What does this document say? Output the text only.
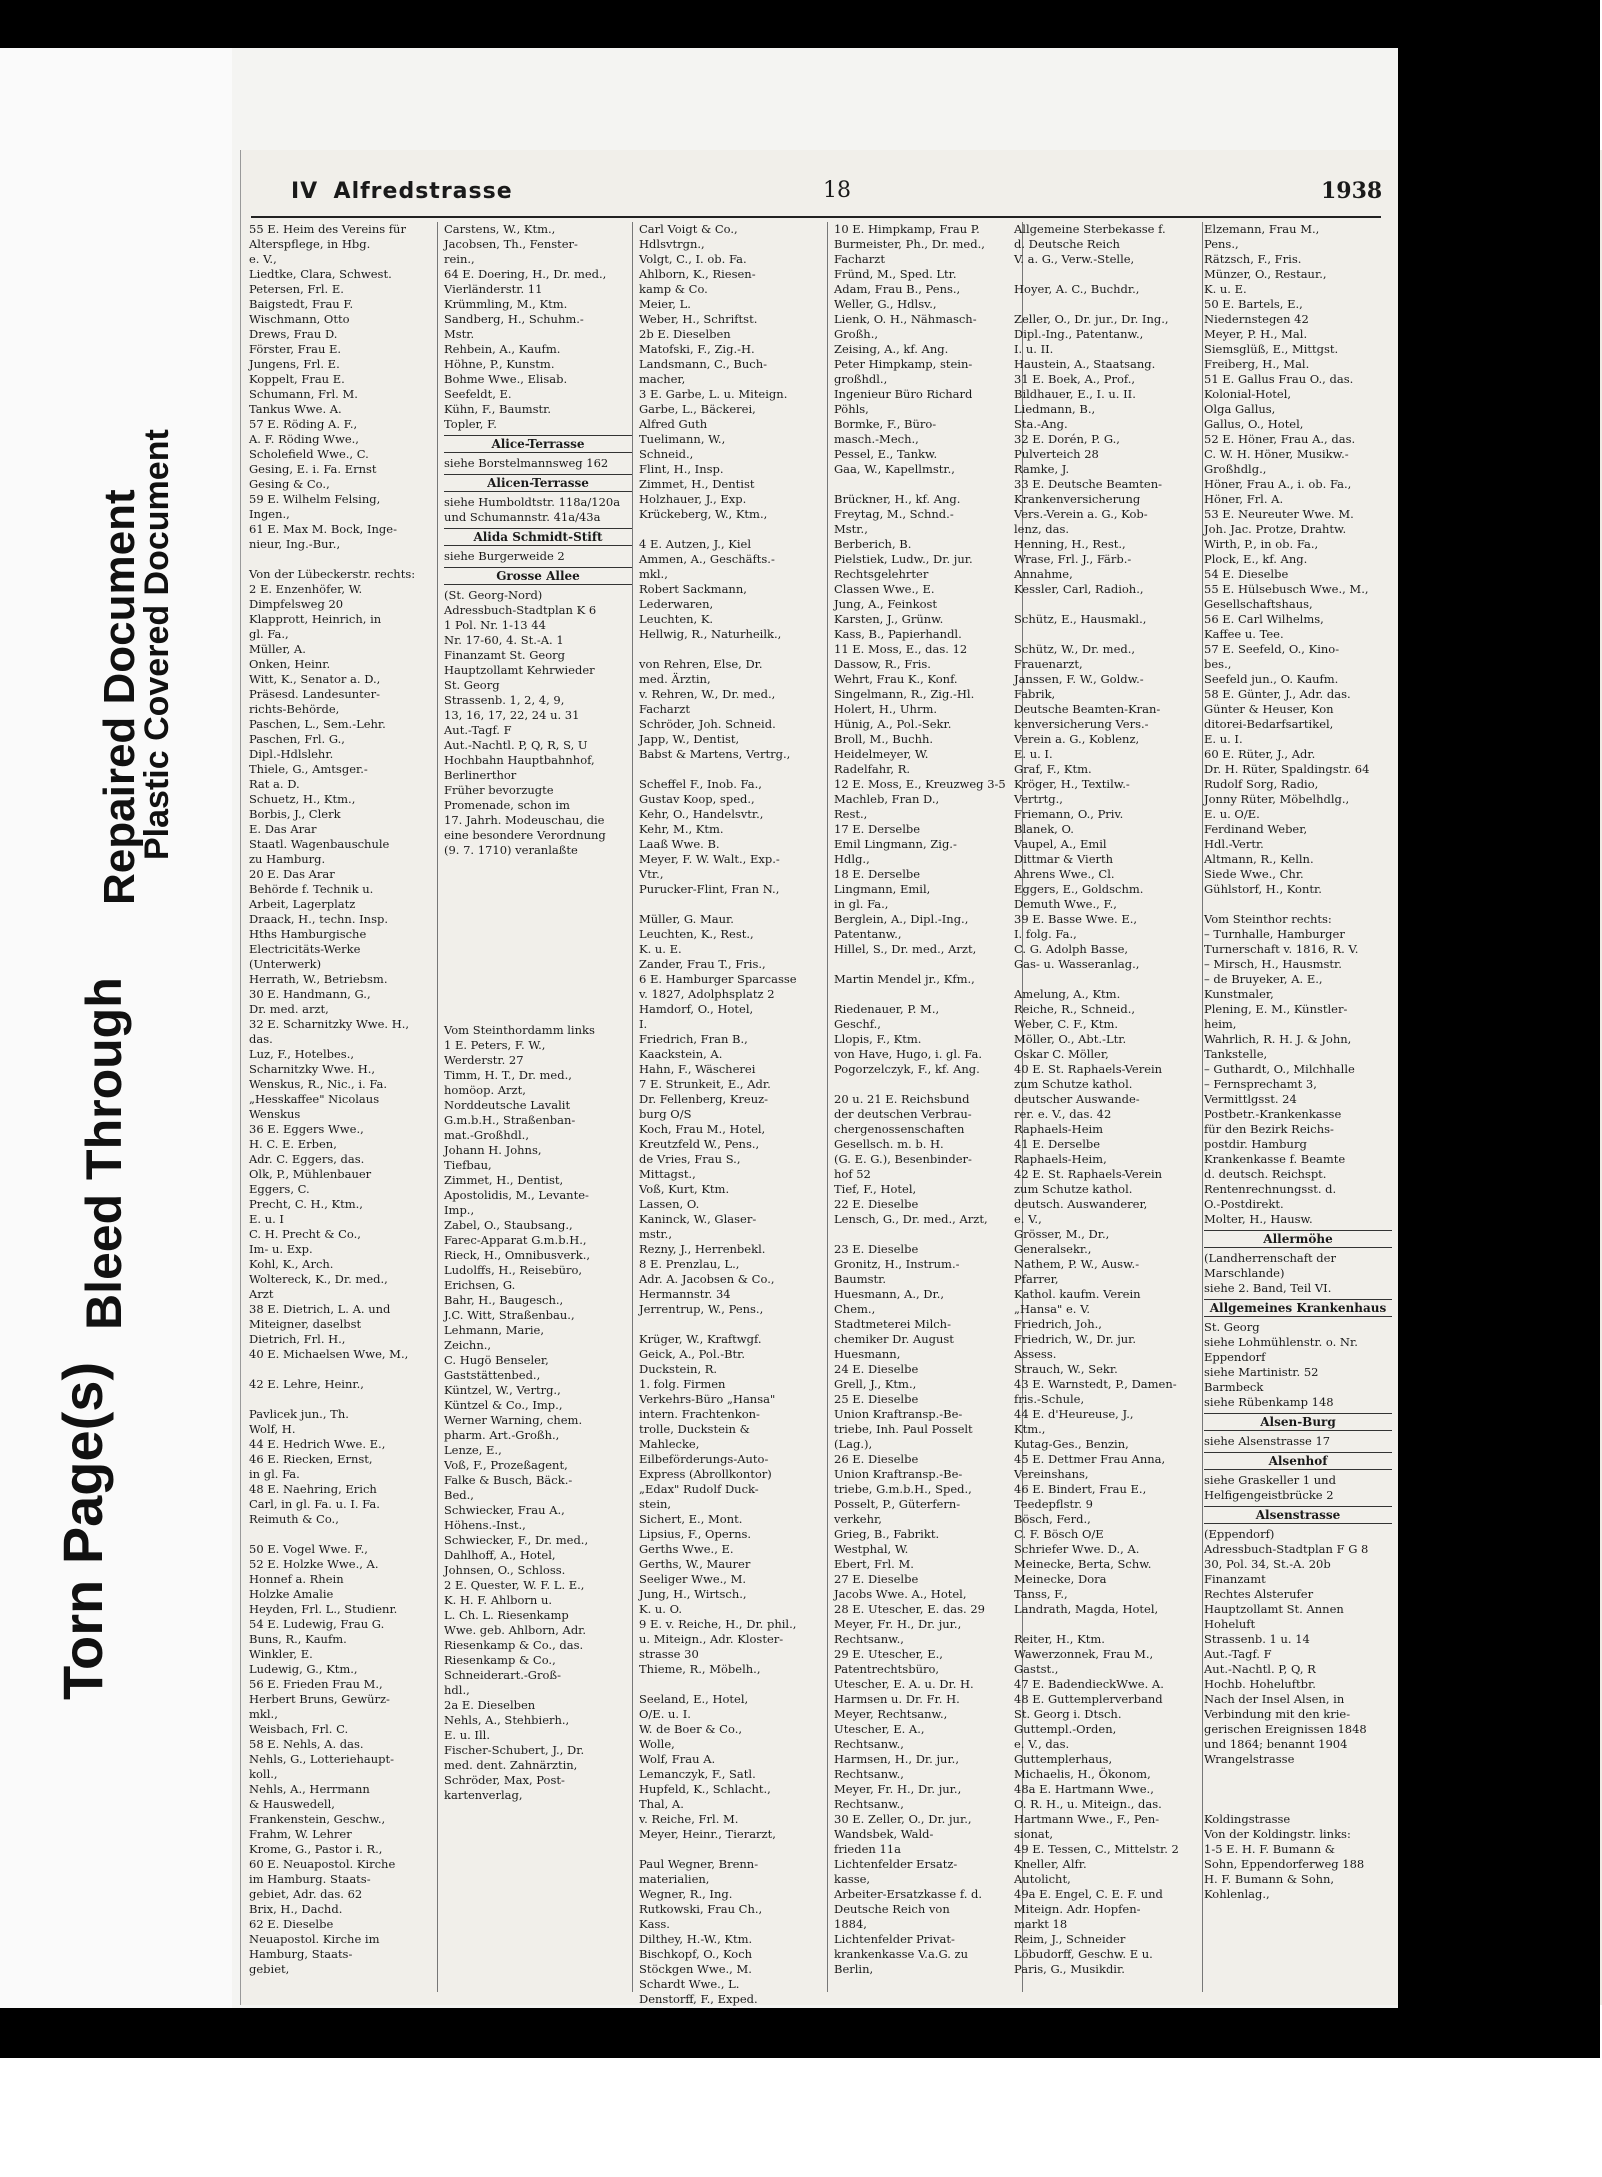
Torn Page(s)
Bleed Through
Repaired Document
Plastic Covered Document
IV Alfredstrasse	18	1938
55 E. Heim des Vereins für
Alterspflege, in Hbg.
e. V.,
Liedtke, Clara, Schwest.
Petersen, Frl. E.
Baigstedt, Frau F.
Wischmann, Otto
Drews, Frau D.
Förster, Frau E.
Jungens, Frl. E.
Koppelt, Frau E.
Schumann, Frl. M.
Tankus Wwe. A.
57 E. Röding A. F.,
A. F. Röding Wwe.,
Scholefield Wwe., C.
Gesing, E. i. Fa. Ernst
Gesing & Co.,
59 E. Wilhelm Felsing,
Ingen.,
61 E. Max M. Bock, Inge-
nieur, Ing.-Bur.,

Von der Lübeckerstr. rechts:
2 E. Enzenhöfer, W.
Dimpfelsweg 20
Klapprott, Heinrich, in
gl. Fa.,
Müller, A.
Onken, Heinr.
Witt, K., Senator a. D.,
Präsesd. Landesunter-
richts-Behörde,
Paschen, L., Sem.-Lehr.
Paschen, Frl. G.,
Dipl.-Hdlslehr.
Thiele, G., Amtsger.-
Rat a. D.
Schuetz, H., Ktm.,
Borbis, J., Clerk
E. Das Arar
Staatl. Wagenbauschule
zu Hamburg.
20 E. Das Arar
Behörde f. Technik u.
Arbeit, Lagerplatz
Draack, H., techn. Insp.
Hths Hamburgische
Electricitäts-Werke
(Unterwerk)
Herrath, W., Betriebsm.
30 E. Handmann, G.,
Dr. med. arzt,
32 E. Scharnitzky Wwe. H.,
das.
Luz, F., Hotelbes.,
Scharnitzky Wwe. H.,
Wenskus, R., Nic., i. Fa.
„Hesskaffee" Nicolaus
Wenskus
36 E. Eggers Wwe.,
H. C. E. Erben,
Adr. C. Eggers, das.
Olk, P., Mühlenbauer
Eggers, C.
Precht, C. H., Ktm.,
E. u. I
C. H. Precht & Co.,
Im- u. Exp.
Kohl, K., Arch.
Woltereck, K., Dr. med.,
Arzt
38 E. Dietrich, L. A. und
Miteigner, daselbst
Dietrich, Frl. H.,
40 E. Michaelsen Wwe, M.,

42 E. Lehre, Heinr.,

Pavlicek jun., Th.
Wolf, H.
44 E. Hedrich Wwe. E.,
46 E. Riecken, Ernst,
in gl. Fa.
48 E. Naehring, Erich
Carl, in gl. Fa. u. I. Fa.
Reimuth & Co.,

50 E. Vogel Wwe. F.,
52 E. Holzke Wwe., A.
Honnef a. Rhein
Holzke Amalie
Heyden, Frl. L., Studienr.
54 E. Ludewig, Frau G.
Buns, R., Kaufm.
Winkler, E.
Ludewig, G., Ktm.,
56 E. Frieden Frau M.,
Herbert Bruns, Gewürz-
mkl.,
Weisbach, Frl. C.
58 E. Nehls, A. das.
Nehls, G., Lotteriehaupt-
koll.,
Nehls, A., Herrmann
& Hauswedell,
Frankenstein, Geschw.,
Frahm, W. Lehrer
Krome, G., Pastor i. R.,
60 E. Neuapostol. Kirche
im Hamburg. Staats-
gebiet, Adr. das. 62
Brix, H., Dachd.
62 E. Dieselbe
Neuapostol. Kirche im
Hamburg, Staats-
gebiet,
Carstens, W., Ktm.,
Jacobsen, Th., Fenster-
rein.,
64 E. Doering, H., Dr. med.,
Vierländerstr. 11
Krümmling, M., Ktm.
Sandberg, H., Schuhm.-
Mstr.
Rehbein, A., Kaufm.
Höhne, P., Kunstm.
Bohme Wwe., Elisab.
Seefeldt, E.
Kühn, F., Baumstr.
Topler, F.
Alice-Terrasse
siehe Borstelmannsweg 162
Alicen-Terrasse
siehe Humboldtstr. 118a/120a
und Schumannstr. 41a/43a
Alida Schmidt-Stift
siehe Burgerweide 2
Grosse Allee
(St. Georg-Nord)
Adressbuch-Stadtplan K 6
1 Pol. Nr. 1-13 44
Nr. 17-60, 4. St.-A. 1
Finanzamt St. Georg
Hauptzollamt Kehrwieder
St. Georg
Strassenb. 1, 2, 4, 9,
13, 16, 17, 22, 24 u. 31
Aut.-Tagf. F
Aut.-Nachtl. P, Q, R, S, U
Hochbahn Hauptbahnhof,
Berlinerthor
Früher bevorzugte
Promenade, schon im
17. Jahrh. Modeuschau, die
eine besondere Verordnung
(9. 7. 1710) veranlaßte

Vom Steinthordamm links
1 E. Peters, F. W.,
Werderstr. 27
Timm, H. T., Dr. med.,
homöop. Arzt,
Norddeutsche Lavalit
G.m.b.H., Straßenban-
mat.-Großhdl.,
Johann H. Johns,
Tiefbau,
Zimmet, H., Dentist,
Apostolidis, M., Levante-
Imp.,
Zabel, O., Staubsang.,
Farec-Apparat G.m.b.H.,
Rieck, H., Omnibusverk.,
Ludolffs, H., Reisebüro,
Erichsen, G.
Bahr, H., Baugesch.,
J.C. Witt, Straßenbau.,
Lehmann, Marie,
Zeichn.,
C. Hugö Benseler,
Gaststättenbed.,
Küntzel, W., Vertrg.,
Küntzel & Co., Imp.,
Werner Warning, chem.
pharm. Art.-Großh.,
Lenze, E.,
Voß, F., Prozeßagent,
Falke & Busch, Bäck.-
Bed.,
Schwiecker, Frau A.,
Höhens.-Inst.,
Schwiecker, F., Dr. med.,
Dahlhoff, A., Hotel,
Johnsen, O., Schloss.
2 E. Quester, W. F. L. E.,
K. H. F. Ahlborn u.
L. Ch. L. Riesenkamp
Wwe. geb. Ahlborn, Adr.
Riesenkamp & Co., das.
Riesenkamp & Co.,
Schneiderart.-Groß-
hdl.,
2a E. Dieselben
Nehls, A., Stehbierh.,
E. u. Ill.
Fischer-Schubert, J., Dr.
med. dent. Zahnärztin,
Schröder, Max, Post-
kartenverlag,
Carl Voigt & Co.,
Hdlsvtrgn.,
Volgt, C., I. ob. Fa.
Ahlborn, K., Riesen-
kamp & Co.
Meier, L.
Weber, H., Schriftst.
2b E. Dieselben
Matofski, F., Zig.-H.
Landsmann, C., Buch-
macher,
3 E. Garbe, L. u. Miteign.
Garbe, L., Bäckerei,
Alfred Guth
Tuelimann, W.,
Schneid.,
Flint, H., Insp.
Zimmet, H., Dentist
Holzhauer, J., Exp.
Krückeberg, W., Ktm.,

4 E. Autzen, J., Kiel
Ammen, A., Geschäfts.-
mkl.,
Robert Sackmann,
Lederwaren,
Leuchten, K.
Hellwig, R., Naturheilk.,

von Rehren, Else, Dr.
med. Ärztin,
v. Rehren, W., Dr. med.,
Facharzt
Schröder, Joh. Schneid.
Japp, W., Dentist,
Babst & Martens, Vertrg.,

Scheffel F., Inob. Fa.,
Gustav Koop, sped.,
Kehr, O., Handelsvtr.,
Kehr, M., Ktm.
Laaß Wwe. B.
Meyer, F. W. Walt., Exp.-
Vtr.,
Purucker-Flint, Fran N.,

Müller, G. Maur.
Leuchten, K., Rest.,
K. u. E.
Zander, Frau T., Fris.,
6 E. Hamburger Sparcasse
v. 1827, Adolphsplatz 2
Hamdorf, O., Hotel,
I.
Friedrich, Fran B.,
Kaackstein, A.
Hahn, F., Wäscherei
7 E. Strunkeit, E., Adr.
Dr. Fellenberg, Kreuz-
burg O/S
Koch, Frau M., Hotel,
Kreutzfeld W., Pens.,
de Vries, Frau S.,
Mittagst.,
Voß, Kurt, Ktm.
Lassen, O.
Kaninck, W., Glaser-
mstr.,
Rezny, J., Herrenbekl.
8 E. Prenzlau, L.,
Adr. A. Jacobsen & Co.,
Hermannstr. 34
Jerrentrup, W., Pens.,

Krüger, W., Kraftwgf.
Geick, A., Pol.-Btr.
Duckstein, R.
1. folg. Firmen
Verkehrs-Büro „Hansa"
intern. Frachtenkon-
trolle, Duckstein &
Mahlecke,
Eilbeförderungs-Auto-
Express (Abrollkontor)
„Edax" Rudolf Duck-
stein,
Sichert, E., Mont.
Lipsius, F., Operns.
Gerths Wwe., E.
Gerths, W., Maurer
Seeliger Wwe., M.
Jung, H., Wirtsch.,
K. u. O.
9 E. v. Reiche, H., Dr. phil.,
u. Miteign., Adr. Kloster-
strasse 30
Thieme, R., Möbelh.,

Seeland, E., Hotel,
O/E. u. I.
W. de Boer & Co.,
Wolle,
Wolf, Frau A.
Lemanczyk, F., Satl.
Hupfeld, K., Schlacht.,
Thal, A.
v. Reiche, Frl. M.
Meyer, Heinr., Tierarzt,

Paul Wegner, Brenn-
materialien,
Wegner, R., Ing.
Rutkowski, Frau Ch.,
Kass.
Dilthey, H.-W., Ktm.
Bischkopf, O., Koch
Stöckgen Wwe., M.
Schardt Wwe., L.
Denstorff, F., Exped.
10 E. Himpkamp, Frau P.
Burmeister, Ph., Dr. med.,
Facharzt
Fründ, M., Sped. Ltr.
Adam, Frau B., Pens.,
Weller, G., Hdlsv.,
Lienk, O. H., Nähmasch-
Großh.,
Zeising, A., kf. Ang.
Peter Himpkamp, stein-
großhdl.,
Ingenieur Büro Richard
Pöhls,
Bormke, F., Büro-
masch.-Mech.,
Pessel, E., Tankw.
Gaa, W., Kapellmstr.,

Brückner, H., kf. Ang.
Freytag, M., Schnd.-
Mstr.,
Berberich, B.
Pielstiek, Ludw., Dr. jur.
Rechtsgelehrter
Classen Wwe., E.
Jung, A., Feinkost
Karsten, J., Grünw.
Kass, B., Papierhandl.
11 E. Moss, E., das. 12
Dassow, R., Fris.
Wehrt, Frau K., Konf.
Singelmann, R., Zig.-Hl.
Holert, H., Uhrm.
Hünig, A., Pol.-Sekr.
Broll, M., Buchh.
Heidelmeyer, W.
Radelfahr, R.
12 E. Moss, E., Kreuzweg 3-5
Machleb, Fran D.,
Rest.,
17 E. Derselbe
Emil Lingmann, Zig.-
Hdlg.,
18 E. Derselbe
Lingmann, Emil,
in gl. Fa.,
Berglein, A., Dipl.-Ing.,
Patentanw.,
Hillel, S., Dr. med., Arzt,

Martin Mendel jr., Kfm.,

Riedenauer, P. M.,
Geschf.,
Llopis, F., Ktm.
von Have, Hugo, i. gl. Fa.
Pogorzelczyk, F., kf. Ang.

20 u. 21 E. Reichsbund
der deutschen Verbrau-
chergenossenschaften
Gesellsch. m. b. H.
(G. E. G.), Besenbinder-
hof 52
Tief, F., Hotel,
22 E. Dieselbe
Lensch, G., Dr. med., Arzt,

23 E. Dieselbe
Gronitz, H., Instrum.-
Baumstr.
Huesmann, A., Dr.,
Chem.,
Stadtmeterei Milch-
chemiker Dr. August
Huesmann,
24 E. Dieselbe
Grell, J., Ktm.,
25 E. Dieselbe
Union Kraftransp.-Be-
triebe, Inh. Paul Posselt
(Lag.),
26 E. Dieselbe
Union Kraftransp.-Be-
triebe, G.m.b.H., Sped.,
Posselt, P., Güterfern-
verkehr,
Grieg, B., Fabrikt.
Westphal, W.
Ebert, Frl. M.
27 E. Dieselbe
Jacobs Wwe. A., Hotel,
28 E. Utescher, E. das. 29
Meyer, Fr. H., Dr. jur.,
Rechtsanw.,
29 E. Utescher, E.,
Patentrechtsbüro,
Utescher, E. A. u. Dr. H.
Harmsen u. Dr. Fr. H.
Meyer, Rechtsanw.,
Utescher, E. A.,
Rechtsanw.,
Harmsen, H., Dr. jur.,
Rechtsanw.,
Meyer, Fr. H., Dr. jur.,
Rechtsanw.,
30 E. Zeller, O., Dr. jur.,
Wandsbek, Wald-
frieden 11a
Lichtenfelder Ersatz-
kasse,
Arbeiter-Ersatzkasse f. d.
Deutsche Reich von
1884,
Lichtenfelder Privat-
krankenkasse V.a.G. zu
Berlin,
Allgemeine Sterbekasse f.
d. Deutsche Reich
V. a. G., Verw.-Stelle,

Hoyer, A. C., Buchdr.,

Zeller, O., Dr. jur., Dr. Ing.,
Dipl.-Ing., Patentanw.,
I. u. II.
Haustein, A., Staatsang.
31 E. Boek, A., Prof.,
Bildhauer, E., I. u. II.
Liedmann, B.,
Sta.-Ang.
32 E. Dorén, P. G.,
Pulverteich 28
Ramke, J.
33 E. Deutsche Beamten-
Krankenversicherung
Vers.-Verein a. G., Kob-
lenz, das.
Henning, H., Rest.,
Wrase, Frl. J., Färb.-
Annahme,
Kessler, Carl, Radioh.,

Schütz, E., Hausmakl.,

Schütz, W., Dr. med.,
Frauenarzt,
Janssen, F. W., Goldw.-
Fabrik,
Deutsche Beamten-Kran-
kenversicherung Vers.-
Verein a. G., Koblenz,
E. u. I.
Graf, F., Ktm.
Kröger, H., Textilw.-
Vertrtg.,
Friemann, O., Priv.
Blanek, O.
Vaupel, A., Emil
Dittmar & Vierth
Ahrens Wwe., Cl.
Eggers, E., Goldschm.
Demuth Wwe., F.,
39 E. Basse Wwe. E.,
I. folg. Fa.,
C. G. Adolph Basse,
Gas- u. Wasseranlag.,

Amelung, A., Ktm.
Reiche, R., Schneid.,
Weber, C. F., Ktm.
Möller, O., Abt.-Ltr.
Oskar C. Möller,
40 E. St. Raphaels-Verein
zum Schutze kathol.
deutscher Auswande-
rer. e. V., das. 42
Raphaels-Heim
41 E. Derselbe
Raphaels-Heim,
42 E. St. Raphaels-Verein
zum Schutze kathol.
deutsch. Auswanderer,
e. V.,
Grösser, M., Dr.,
Generalsekr.,
Nathem, P. W., Ausw.-
Pfarrer,
Kathol. kaufm. Verein
„Hansa" e. V.
Friedrich, Joh.,
Friedrich, W., Dr. jur.
Assess.
Strauch, W., Sekr.
43 E. Warnstedt, P., Damen-
fris.-Schule,
44 E. d'Heureuse, J.,
Ktm.,
Kutag-Ges., Benzin,
45 E. Dettmer Frau Anna,
Vereinshans,
46 E. Bindert, Frau E.,
Teedepflstr. 9
Bösch, Ferd.,
C. F. Bösch O/E
Schriefer Wwe. D., A.
Meinecke, Berta, Schw.
Meinecke, Dora
Tanss, F.,
Landrath, Magda, Hotel,

Reiter, H., Ktm.
Wawerzonnek, Frau M.,
Gastst.,
47 E. BadendieckWwe. A.
48 E. Guttemplerverband
St. Georg i. Dtsch.
Guttempl.-Orden,
e. V., das.
Guttemplerhaus,
Michaelis, H., Ökonom,
48a E. Hartmann Wwe.,
O. R. H., u. Miteign., das.
Hartmann Wwe., F., Pen-
sionat,
49 E. Tessen, C., Mittelstr. 2
Kneller, Alfr.
Autolicht,
49a E. Engel, C. E. F. und
Miteign. Adr. Hopfen-
markt 18
Reim, J., Schneider
Löbudorff, Geschw. E u.
Paris, G., Musikdir.
Elzemann, Frau M.,
Pens.,
Rätzsch, F., Fris.
Münzer, O., Restaur.,
K. u. E.
50 E. Bartels, E.,
Niedernstegen 42
Meyer, P. H., Mal.
Siemsglüß, E., Mittgst.
Freiberg, H., Mal.
51 E. Gallus Frau O., das.
Kolonial-Hotel,
Olga Gallus,
Gallus, O., Hotel,
52 E. Höner, Frau A., das.
C. W. H. Höner, Musikw.-
Großhdlg.,
Höner, Frau A., i. ob. Fa.,
Höner, Frl. A.
53 E. Neureuter Wwe. M.
Joh. Jac. Protze, Drahtw.
Wirth, P., in ob. Fa.,
Plock, E., kf. Ang.
54 E. Dieselbe
55 E. Hülsebusch Wwe., M.,
Gesellschaftshaus,
56 E. Carl Wilhelms,
Kaffee u. Tee.
57 E. Seefeld, O., Kino-
bes.,
Seefeld jun., O. Kaufm.
58 E. Günter, J., Adr. das.
Günter & Heuser, Kon
ditorei-Bedarfsartikel,
E. u. I.
60 E. Rüter, J., Adr.
Dr. H. Rüter, Spaldingstr. 64
Rudolf Sorg, Radio,
Jonny Rüter, Möbelhdlg.,
E. u. O/E.
Ferdinand Weber,
Hdl.-Vertr.
Altmann, R., Kelln.
Siede Wwe., Chr.
Gühlstorf, H., Kontr.

Vom Steinthor rechts:
– Turnhalle, Hamburger
Turnerschaft v. 1816, R. V.
– Mirsch, H., Hausmstr.
– de Bruyeker, A. E.,
Kunstmaler,
Plening, E. M., Künstler-
heim,
Wahrlich, R. H. J. & John,
Tankstelle,
– Guthardt, O., Milchhalle
– Fernsprechamt 3,
Vermittlgsst. 24
Postbetr.-Krankenkasse
für den Bezirk Reichs-
postdir. Hamburg
Krankenkasse f. Beamte
d. deutsch. Reichspt.
Rentenrechnungsst. d.
O.-Postdirekt.
Molter, H., Hausw.
Allermöhe
(Landherrenschaft der
Marschlande)
siehe 2. Band, Teil VI.
Allgemeines Krankenhaus
St. Georg
siehe Lohmühlenstr. o. Nr.
Eppendorf
siehe Martinistr. 52
Barmbeck
siehe Rübenkamp 148
Alsen-Burg
siehe Alsenstrasse 17
Alsenhof
siehe Graskeller 1 und
Helfigengeistbrücke 2
Alsenstrasse
(Eppendorf)
Adressbuch-Stadtplan F G 8
30, Pol. 34, St.-A. 20b
Finanzamt
Rechtes Alsterufer
Hauptzollamt St. Annen
Hoheluft
Strassenb. 1 u. 14
Aut.-Tagf. F
Aut.-Nachtl. P, Q, R
Hochb. Hoheluftbr.
Nach der Insel Alsen, in
Verbindung mit den krie-
gerischen Ereignissen 1848
und 1864; benannt 1904
Wrangelstrasse

Koldingstrasse
Von der Koldingstr. links:
1-5 E. H. F. Bumann &
Sohn, Eppendorferweg 188
H. F. Bumann & Sohn,
Kohlenlag.,
